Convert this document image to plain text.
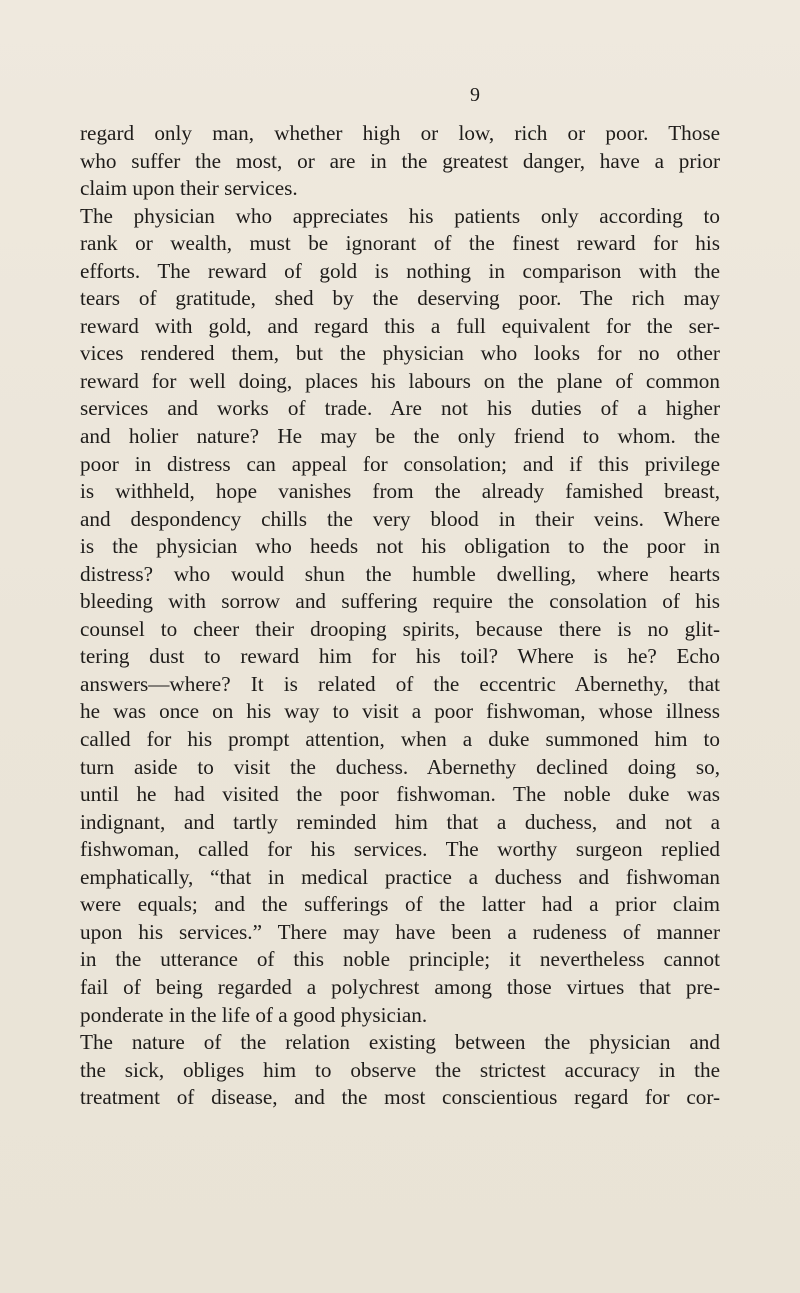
9
regard only man, whether high or low, rich or poor. Those
who suffer the most, or are in the greatest danger, have a prior
claim upon their services.
The physician who appreciates his patients only according to
rank or wealth, must be ignorant of the finest reward for his
efforts. The reward of gold is nothing in comparison with the
tears of gratitude, shed by the deserving poor. The rich may
reward with gold, and regard this a full equivalent for the ser-
vices rendered them, but the physician who looks for no other
reward for well doing, places his labours on the plane of common
services and works of trade. Are not his duties of a higher
and holier nature? He may be the only friend to whom. the
poor in distress can appeal for consolation; and if this privilege
is withheld, hope vanishes from the already famished breast,
and despondency chills the very blood in their veins. Where
is the physician who heeds not his obligation to the poor in
distress? who would shun the humble dwelling, where hearts
bleeding with sorrow and suffering require the consolation of his
counsel to cheer their drooping spirits, because there is no glit-
tering dust to reward him for his toil? Where is he? Echo
answers—where? It is related of the eccentric Abernethy, that
he was once on his way to visit a poor fishwoman, whose illness
called for his prompt attention, when a duke summoned him to
turn aside to visit the duchess. Abernethy declined doing so,
until he had visited the poor fishwoman. The noble duke was
indignant, and tartly reminded him that a duchess, and not a
fishwoman, called for his services. The worthy surgeon replied
emphatically, “that in medical practice a duchess and fishwoman
were equals; and the sufferings of the latter had a prior claim
upon his services.” There may have been a rudeness of manner
in the utterance of this noble principle; it nevertheless cannot
fail of being regarded a polychrest among those virtues that pre-
ponderate in the life of a good physician.
The nature of the relation existing between the physician and
the sick, obliges him to observe the strictest accuracy in the
treatment of disease, and the most conscientious regard for cor-
